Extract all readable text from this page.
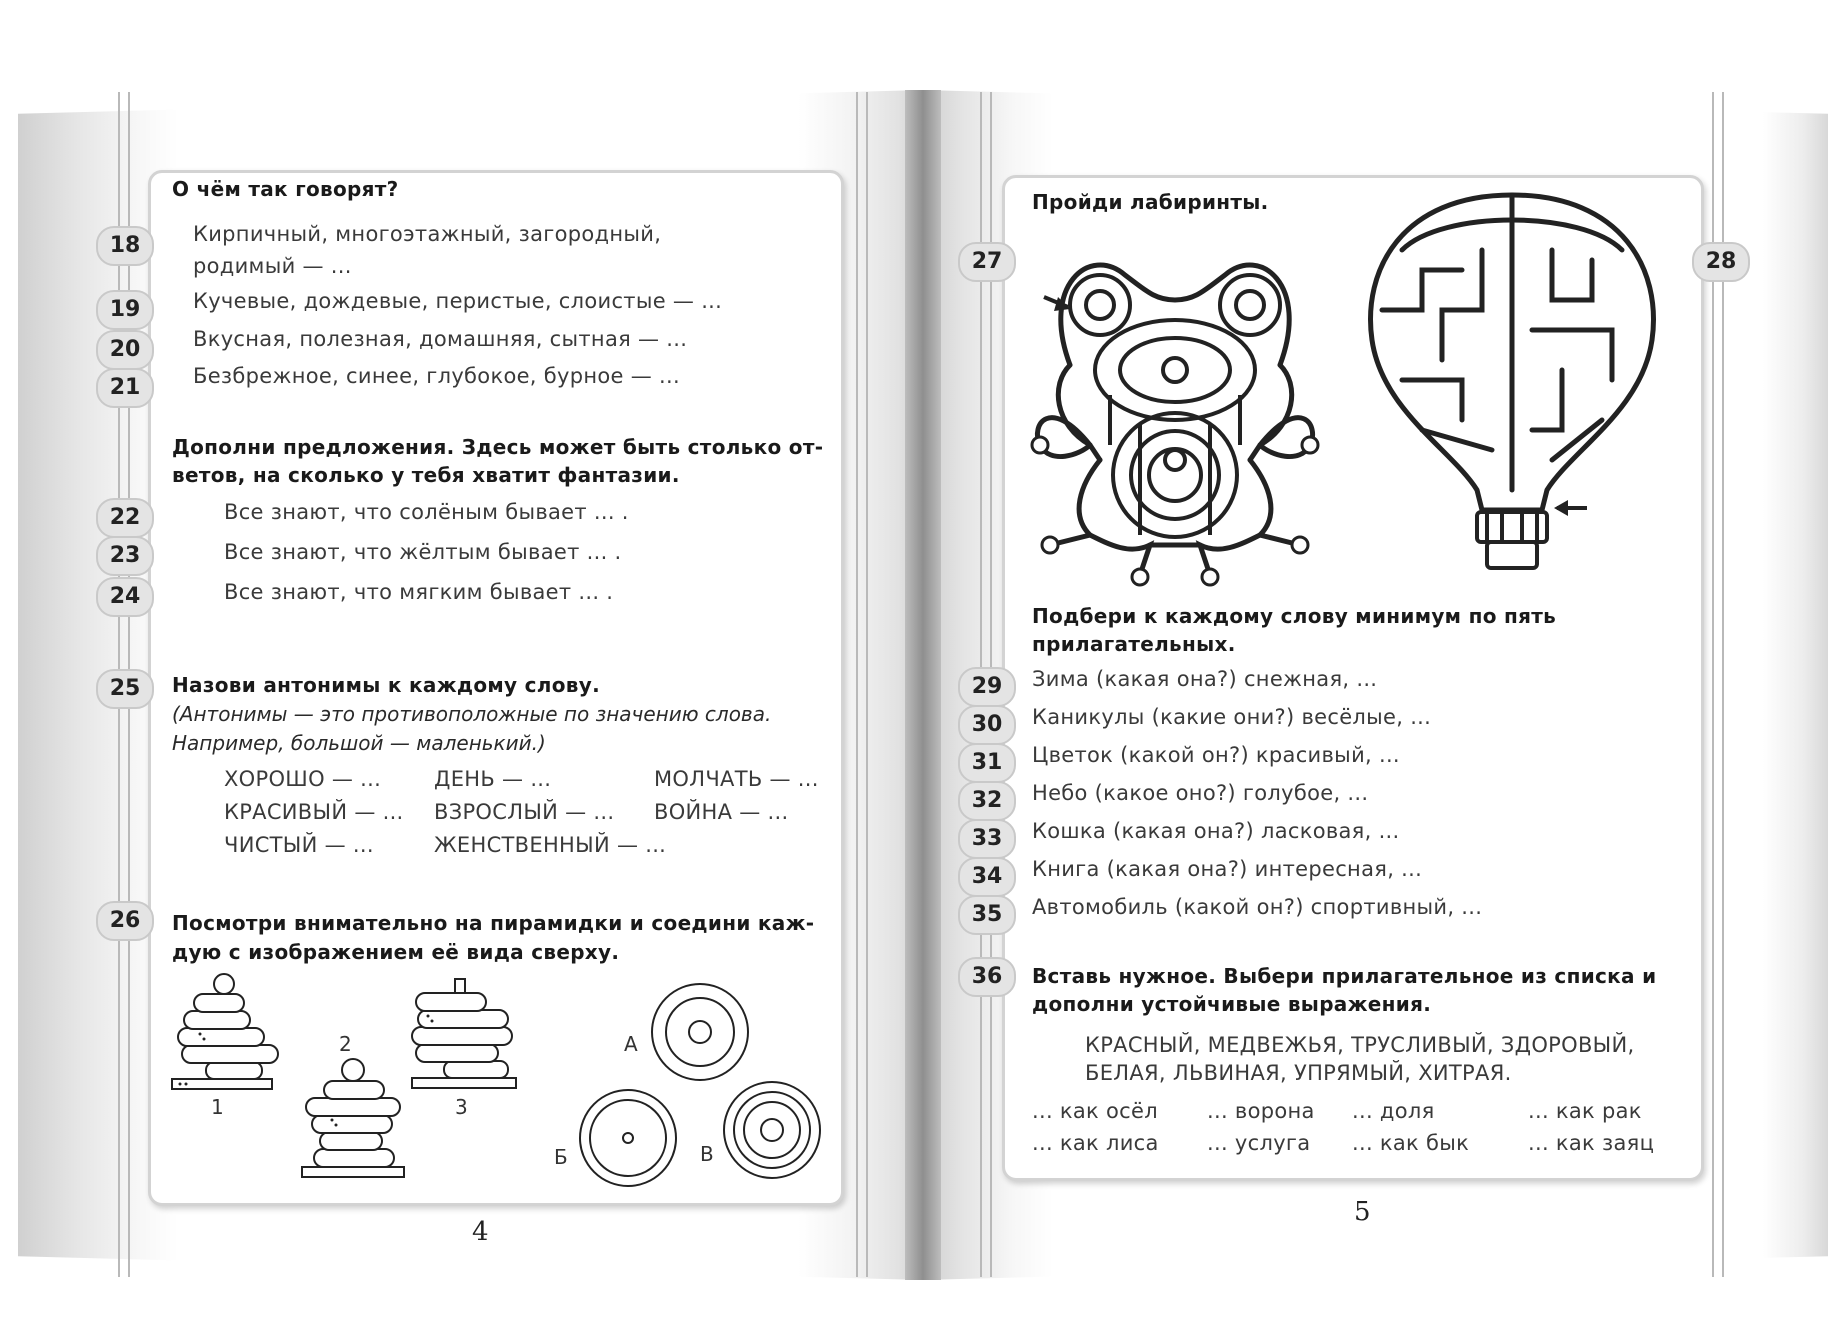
О чём так говорят?
18	Кирпичный, многоэтажный, загородный,
родимый — ...
19	Кучевые, дождевые, перистые, слоистые — ...
20	Вкусная, полезная, домашняя, сытная — ...
21	Безбрежное, синее, глубокое, бурное — ...
Дополни предложения. Здесь может быть столько от-
ветов, на сколько у тебя хватит фантазии.
22	Все знают, что солёным бывает ... .
23	Все знают, что жёлтым бывает ... .
24	Все знают, что мягким бывает ... .
25	Назови антонимы к каждому слову.
(Антонимы — это противоположные по значению слова.
Например, большой — маленький.)
ХОРОШО — ...	ДЕНЬ — ...	МОЛЧАТЬ — ...
КРАСИВЫЙ — ... ВЗРОСЛЫЙ — ... ВОЙНА — ...
ЧИСТЫЙ — ...	ЖЕНСТВЕННЫЙ — ...
26	Посмотри внимательно на пирамидки и соедини каж-
дую с изображением её вида сверху.
1
2
3
А
Б	В
4
Пройди лабиринты.
27	28
Подбери к каждому слову минимум по пять
прилагательных.
29	Зима (какая она?) снежная, ...
30	Каникулы (какие они?) весёлые, ...
31	Цветок (какой он?) красивый, ...
32	Небо (какое оно?) голубое, ...
33	Кошка (какая она?) ласковая, ...
34	Книга (какая она?) интересная, ...
35	Автомобиль (какой он?) спортивный, ...
36	Вставь нужное. Выбери прилагательное из списка и
дополни устойчивые выражения.
КРАСНЫЙ, МЕДВЕЖЬЯ, ТРУСЛИВЫЙ, ЗДОРОВЫЙ,
БЕЛАЯ, ЛЬВИНАЯ, УПРЯМЫЙ, ХИТРАЯ.
... как осёл ... ворона ... доля	... как рак
... как лиса ... услуга ... как бык	... как заяц
5
